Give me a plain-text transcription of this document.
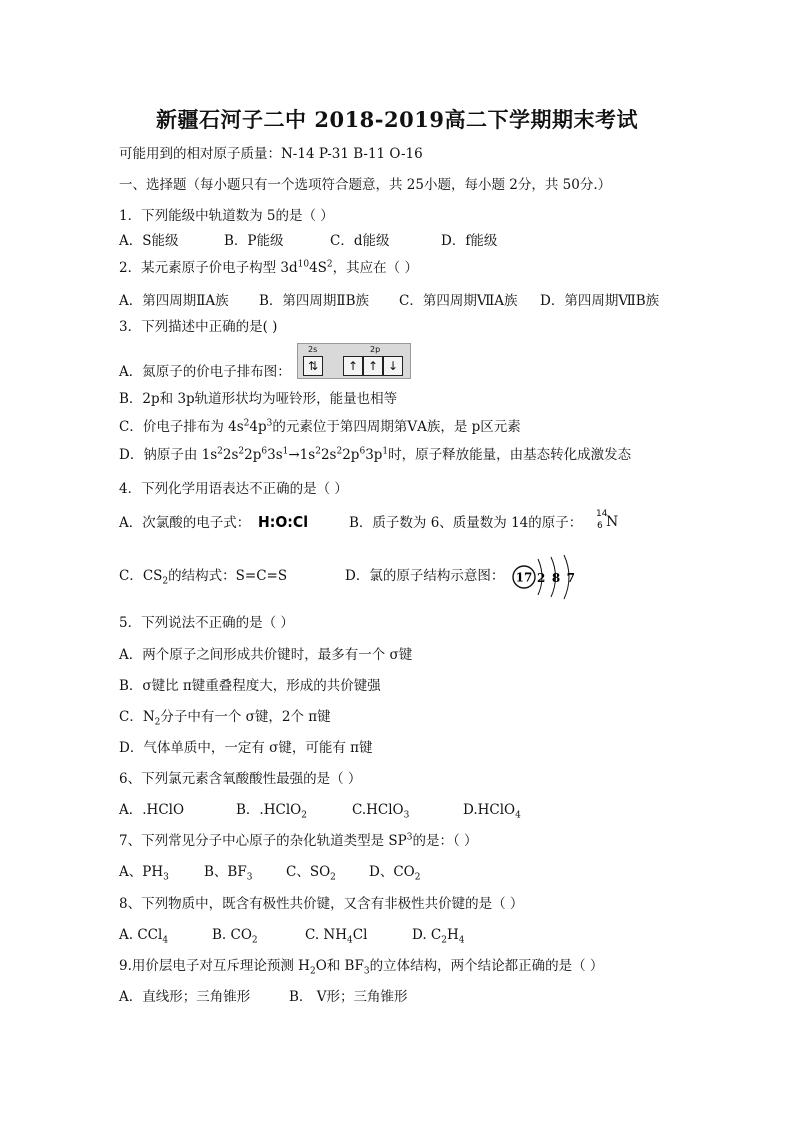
新疆石河子二中 2018-2019高二下学期期末考试
可能用到的相对原子质量：N-14 P-31 B-11 O-16
一、选择题（每小题只有一个选项符合题意，共 25小题，每小题 2分，共 50分.）
1．下列能级中轨道数为 5的是（ ）
A．S能级	B．P能级	C．d能级	D．f能级
2．某元素原子价电子构型 $3d^{10}4S^2$，其应在（ ）
A．第四周期ⅡA族 B．第四周期ⅡB族 C．第四周期ⅦA族 D．第四周期ⅦB族
3．下列描述中正确的是( )
A．氮原子的价电子排布图：
2s	2p
⇅	↑ ↑ ↓
B．2p和 3p轨道形状均为哑铃形，能量也相等
C．价电子排布为 $4s^24p^3$的元素位于第四周期第ⅤA族，是 p区元素
D．钠原子由 $1s^22s^22p^63s^1\to 1s^22s^22p^63p^1$时，原子释放能量，由基态转化成激发态
4．下列化学用语表达不正确的是（ ）
A．次氯酸的电子式： H:O:Cl	B．质子数为 6、质量数为 14的原子：
14
6 N
C．$CS_2$的结构式：S=C=S	D．氯的原子结构示意图： 17 2 8 7
5．下列说法不正确的是（ ）
A．两个原子之间形成共价键时，最多有一个 σ键
B．σ键比 π键重叠程度大，形成的共价键强
C．$N_2$分子中有一个 σ键，2个 π键
D．气体单质中，一定有 σ键，可能有 π键
6、下列氯元素含氧酸酸性最强的是（ ）
A．.HClO	B．.HClO$_2$	C.HClO$_3$	D.HClO$_4$
7、下列常见分子中心原子的杂化轨道类型是 $SP^3$的是：（ ）
A、$PH_3$	B、$BF_3$ C、$SO_2$ D、$CO_2$
8、下列物质中，既含有极性共价键，又含有非极性共价键的是（ ）
A. CCl$_4$	B. $CO_2$	C. $NH_4Cl$	D. $C_2H_4$
9.用价层电子对互斥理论预测 $H_2O$和 $BF_3$的立体结构，两个结论都正确的是（ ）
A．直线形；三角锥形	B． V形；三角锥形
